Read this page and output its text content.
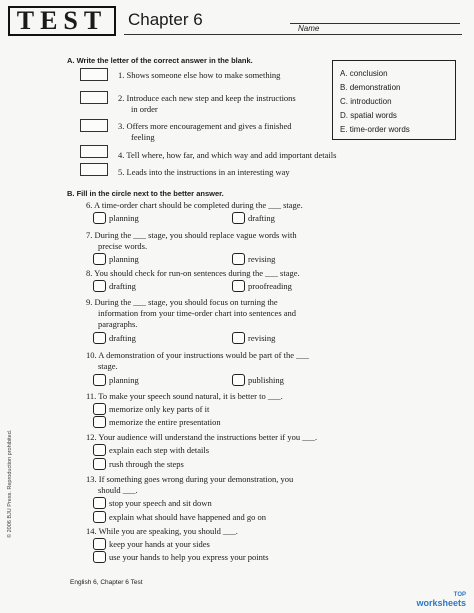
TEST	Chapter 6	Name
A. Write the letter of the correct answer in the blank.
1. Shows someone else how to make something
2. Introduce each new step and keep the instructions
in order
3. Offers more encouragement and gives a finished
feeling
4. Tell where, how far, and which way and add important details
5. Leads into the instructions in an interesting way
A. conclusion
B. demonstration
C. introduction
D. spatial words
E. time-order words
B. Fill in the circle next to the better answer.
6. A time-order chart should be completed during the ___ stage.
planning	drafting
7. During the ___ stage, you should replace vague words with
precise words.
planning	revising
8. You should check for run-on sentences during the ___ stage.
drafting	proofreading
9. During the ___ stage, you should focus on turning the
information from your time-order chart into sentences and
paragraphs.
drafting	revising
10. A demonstration of your instructions would be part of the ___
stage.
planning	publishing
11. To make your speech sound natural, it is better to ___.
memorize only key parts of it
memorize the entire presentation
12. Your audience will understand the instructions better if you ___.
explain each step with details
rush through the steps
13. If something goes wrong during your demonstration, you
should ___.
stop your speech and sit down
explain what should have happened and go on
14. While you are speaking, you should ___.
keep your hands at your sides
use your hands to help you express your points
© 2006 BJU Press. Reproduction prohibited.
English 6, Chapter 6 Test
TOP
worksheets
